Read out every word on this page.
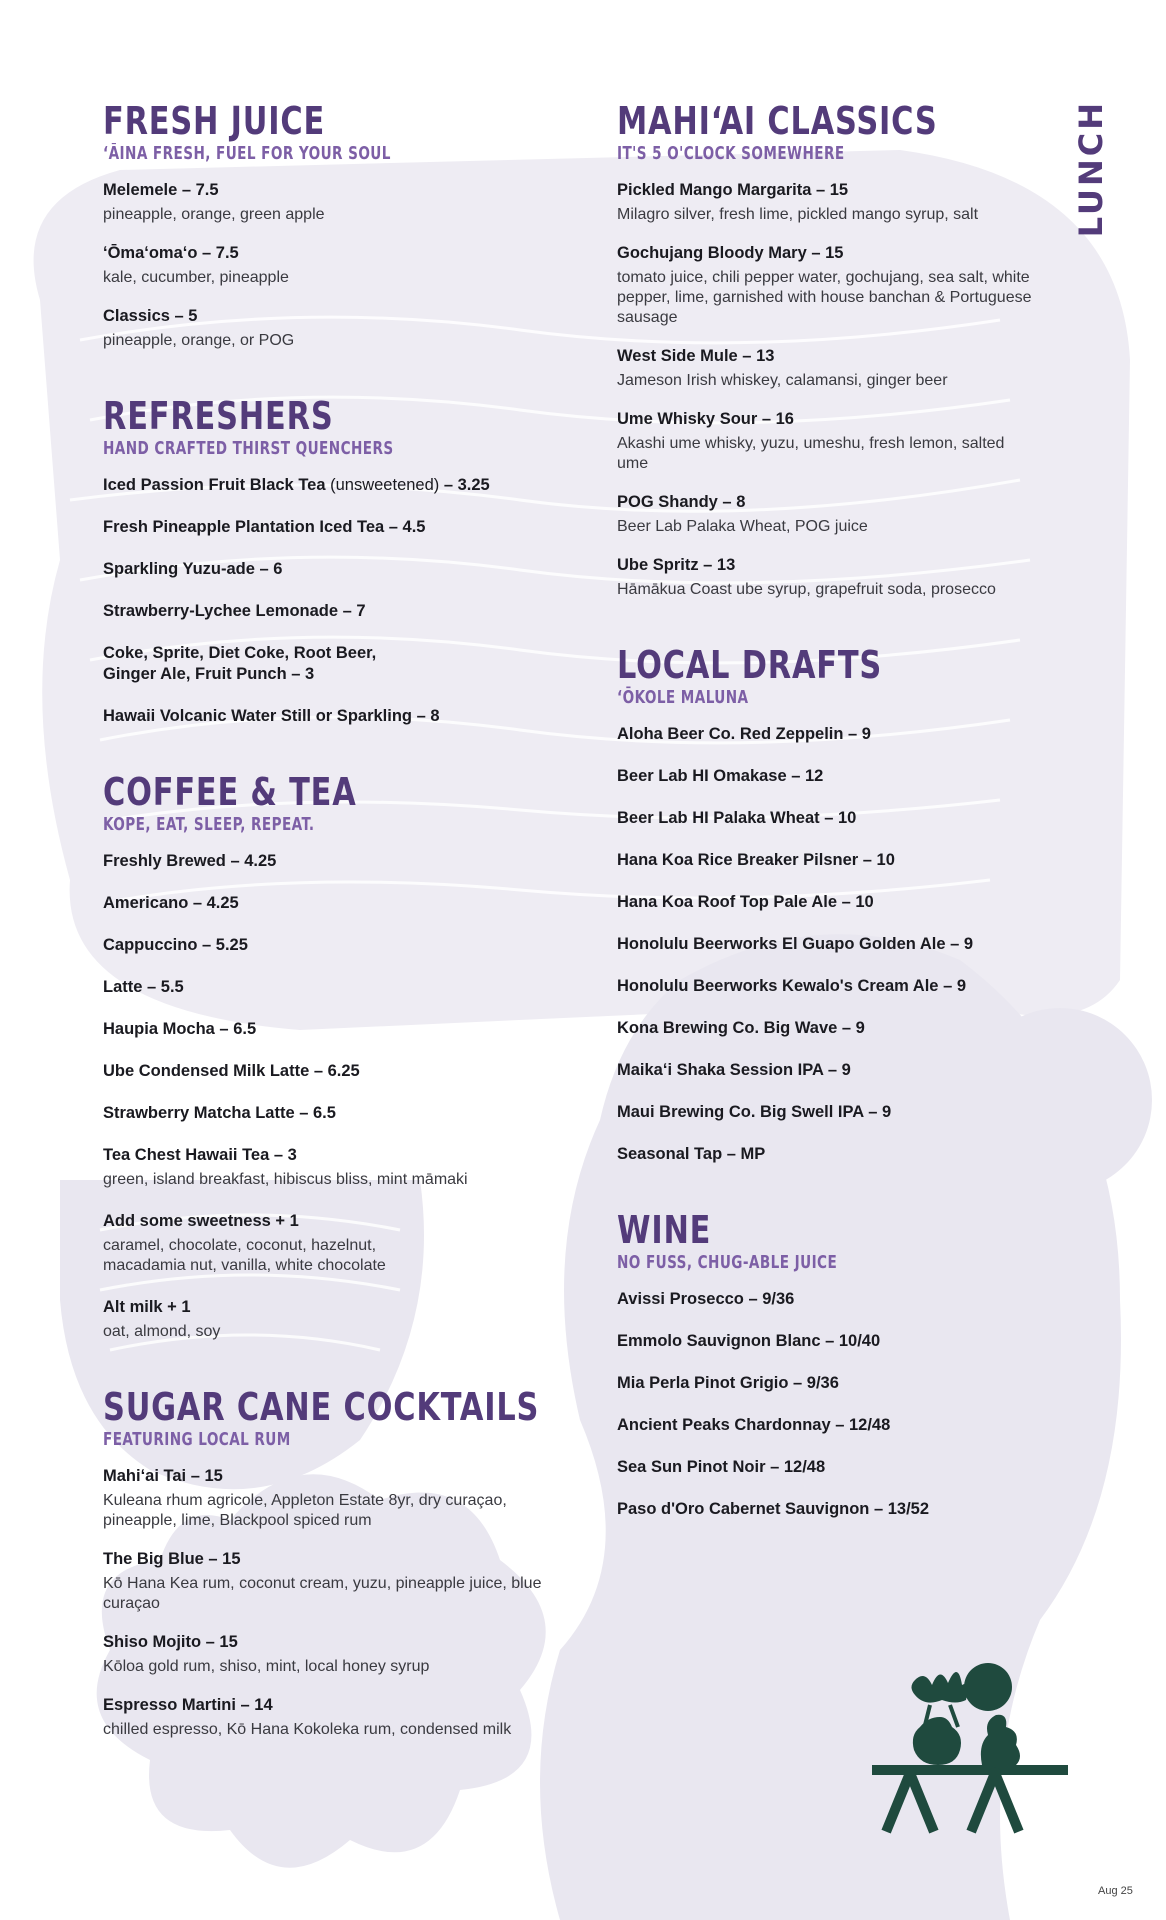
LUNCH
FRESH JUICE
ʻĀINA FRESH, FUEL FOR YOUR SOUL
Melemele – 7.5
pineapple, orange, green apple
ʻŌmaʻomaʻo – 7.5
kale, cucumber, pineapple
Classics – 5
pineapple, orange, or POG
REFRESHERS
HAND CRAFTED THIRST QUENCHERS
Iced Passion Fruit Black Tea (unsweetened) – 3.25
Fresh Pineapple Plantation Iced Tea – 4.5
Sparkling Yuzu-ade – 6
Strawberry-Lychee Lemonade – 7
Coke, Sprite, Diet Coke, Root Beer, Ginger Ale, Fruit Punch – 3
Hawaii Volcanic Water Still or Sparkling – 8
COFFEE & TEA
KOPE, EAT, SLEEP, REPEAT.
Freshly Brewed – 4.25
Americano – 4.25
Cappuccino – 5.25
Latte – 5.5
Haupia Mocha – 6.5
Ube Condensed Milk Latte – 6.25
Strawberry Matcha Latte – 6.5
Tea Chest Hawaii Tea – 3
green, island breakfast, hibiscus bliss, mint māmaki
Add some sweetness + 1
caramel, chocolate, coconut, hazelnut, macadamia nut, vanilla, white chocolate
Alt milk + 1
oat, almond, soy
SUGAR CANE COCKTAILS
FEATURING LOCAL RUM
Mahiʻai Tai – 15
Kuleana rhum agricole, Appleton Estate 8yr, dry curaçao, pineapple, lime, Blackpool spiced rum
The Big Blue – 15
Kō Hana Kea rum, coconut cream, yuzu, pineapple juice, blue curaçao
Shiso Mojito – 15
Kōloa gold rum, shiso, mint, local honey syrup
Espresso Martini – 14
chilled espresso, Kō Hana Kokoleka rum, condensed milk
MAHIʻAI CLASSICS
IT'S 5 O'CLOCK SOMEWHERE
Pickled Mango Margarita – 15
Milagro silver, fresh lime, pickled mango syrup, salt
Gochujang Bloody Mary – 15
tomato juice, chili pepper water, gochujang, sea salt, white pepper, lime, garnished with house banchan & Portuguese sausage
West Side Mule – 13
Jameson Irish whiskey, calamansi, ginger beer
Ume Whisky Sour – 16
Akashi ume whisky, yuzu, umeshu, fresh lemon, salted ume
POG Shandy – 8
Beer Lab Palaka Wheat, POG juice
Ube Spritz – 13
Hāmākua Coast ube syrup, grapefruit soda, prosecco
LOCAL DRAFTS
ʻŌKOLE MALUNA
Aloha Beer Co. Red Zeppelin – 9
Beer Lab HI Omakase – 12
Beer Lab HI Palaka Wheat – 10
Hana Koa Rice Breaker Pilsner – 10
Hana Koa Roof Top Pale Ale – 10
Honolulu Beerworks El Guapo Golden Ale – 9
Honolulu Beerworks Kewalo's Cream Ale – 9
Kona Brewing Co. Big Wave – 9
Maikaʻi Shaka Session IPA – 9
Maui Brewing Co. Big Swell IPA – 9
Seasonal Tap – MP
WINE
NO FUSS, CHUG-ABLE JUICE
Avissi Prosecco – 9/36
Emmolo Sauvignon Blanc – 10/40
Mia Perla Pinot Grigio – 9/36
Ancient Peaks Chardonnay – 12/48
Sea Sun Pinot Noir – 12/48
Paso d'Oro Cabernet Sauvignon – 13/52
Aug 25
